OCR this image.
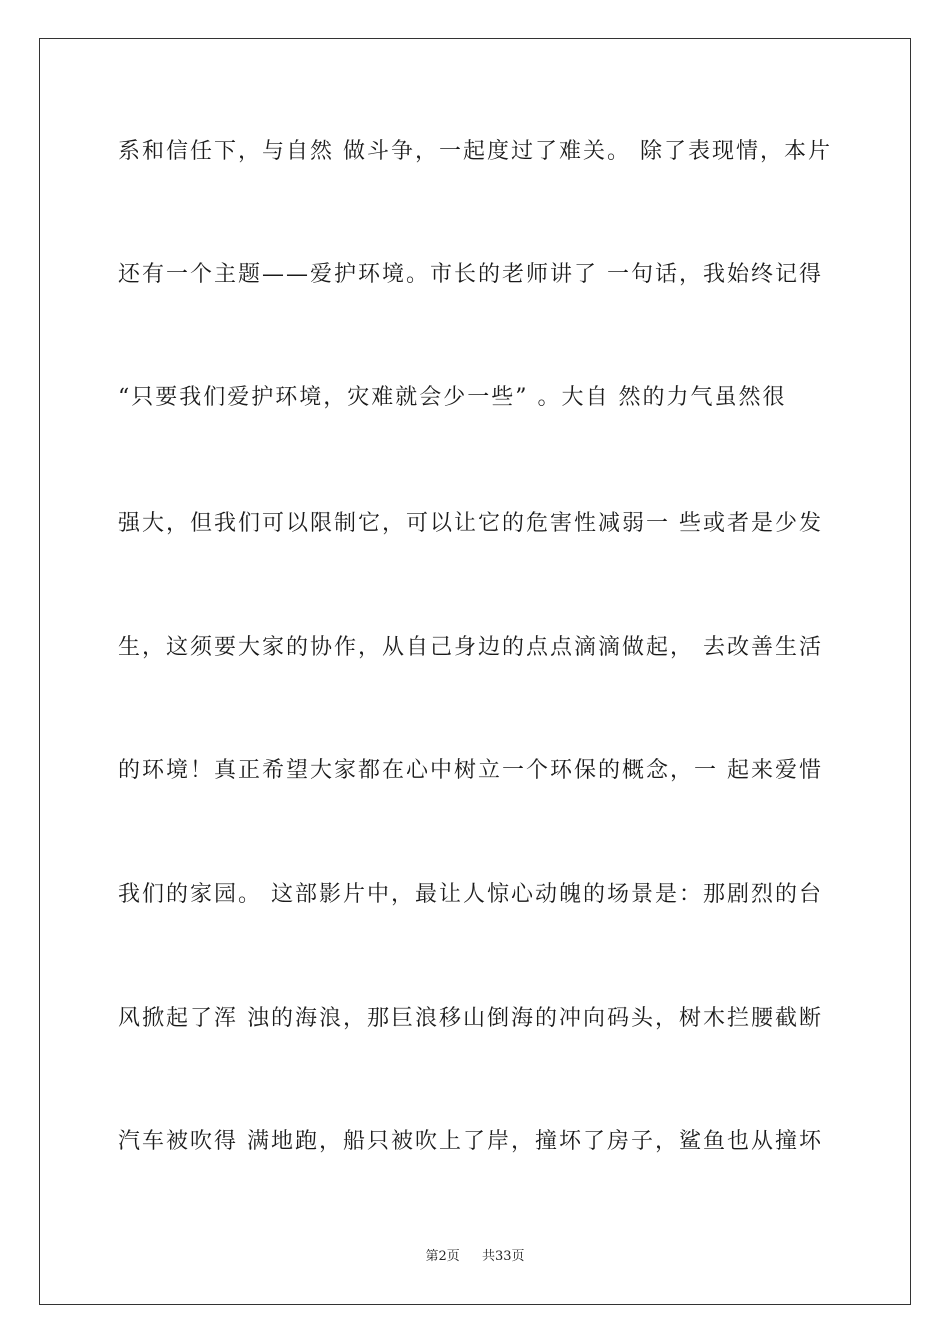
系和信任下，与自然 做斗争，一起度过了难关。 除了表现情，本片
还有一个主题——爱护环境。市长的老师讲了 一句话，我始终记得
“只要我们爱护环境，灾难就会少一些” 。大自 然的力气虽然很
强大，但我们可以限制它，可以让它的危害性减弱一 些或者是少发
生，这须要大家的协作，从自己身边的点点滴滴做起， 去改善生活
的环境！真正希望大家都在心中树立一个环保的概念，一 起来爱惜
我们的家园。 这部影片中，最让人惊心动魄的场景是：那剧烈的台
风掀起了浑 浊的海浪，那巨浪移山倒海的冲向码头，树木拦腰截断
汽车被吹得 满地跑，船只被吹上了岸，撞坏了房子，鲨鱼也从撞坏
第2页 共33页
